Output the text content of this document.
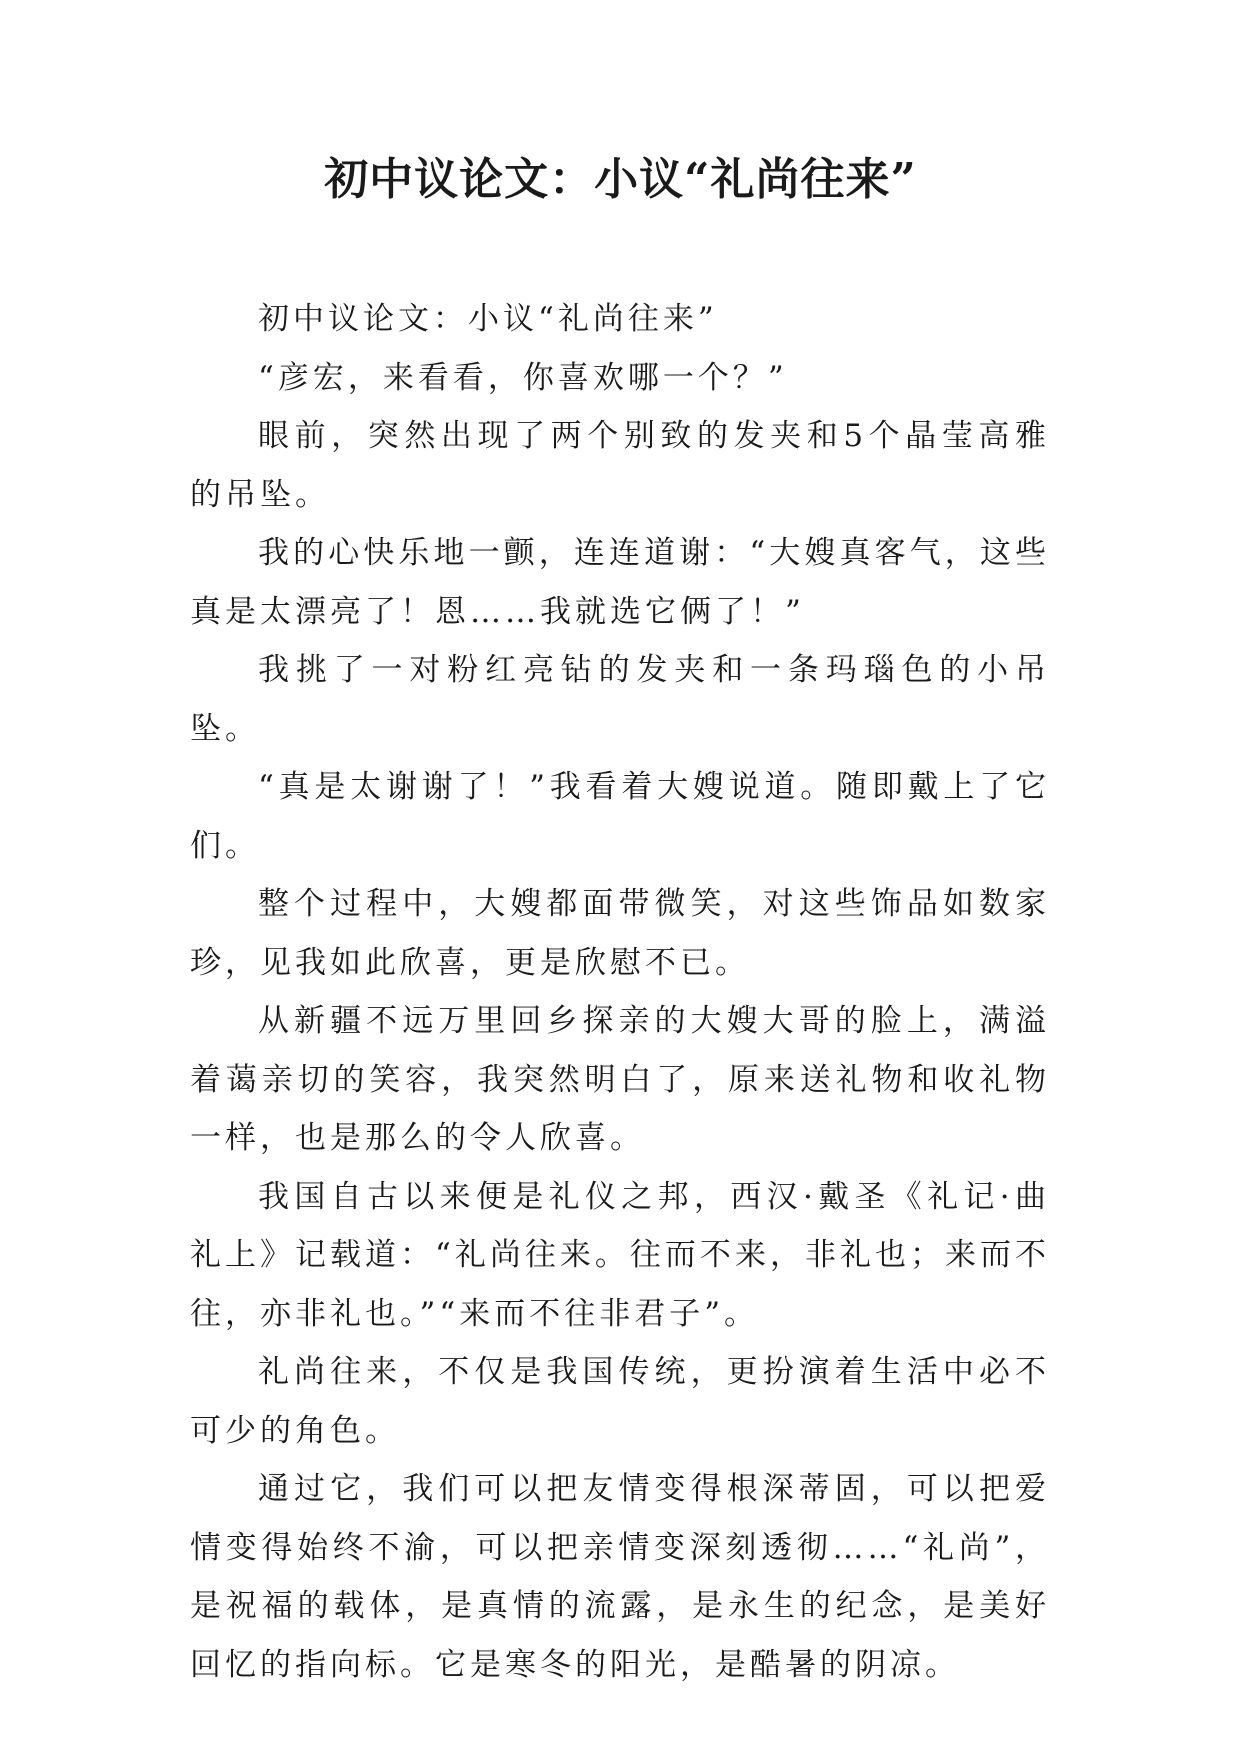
初中议论文：小议“礼尚往来”

初中议论文：小议“礼尚往来”

“彦宏，来看看，你喜欢哪一个？”

眼前，突然出现了两个别致的发夹和5个晶莹高雅的吊坠。

我的心快乐地一颤，连连道谢：“大嫂真客气，这些真是太漂亮了！恩……我就选它俩了！”

我挑了一对粉红亮钻的发夹和一条玛瑙色的小吊坠。

“真是太谢谢了！”我看着大嫂说道。随即戴上了它们。

整个过程中，大嫂都面带微笑，对这些饰品如数家珍，见我如此欣喜，更是欣慰不已。

从新疆不远万里回乡探亲的大嫂大哥的脸上，满溢着蔼亲切的笑容，我突然明白了，原来送礼物和收礼物一样，也是那么的令人欣喜。

我国自古以来便是礼仪之邦，西汉·戴圣《礼记·曲礼上》记载道：“礼尚往来。往而不来，非礼也；来而不往，亦非礼也。”“来而不往非君子”。

礼尚往来，不仅是我国传统，更扮演着生活中必不可少的角色。

通过它，我们可以把友情变得根深蒂固，可以把爱情变得始终不渝，可以把亲情变深刻透彻……“礼尚”，是祝福的载体，是真情的流露，是永生的纪念，是美好回忆的指向标。它是寒冬的阳光，是酷暑的阴凉。
